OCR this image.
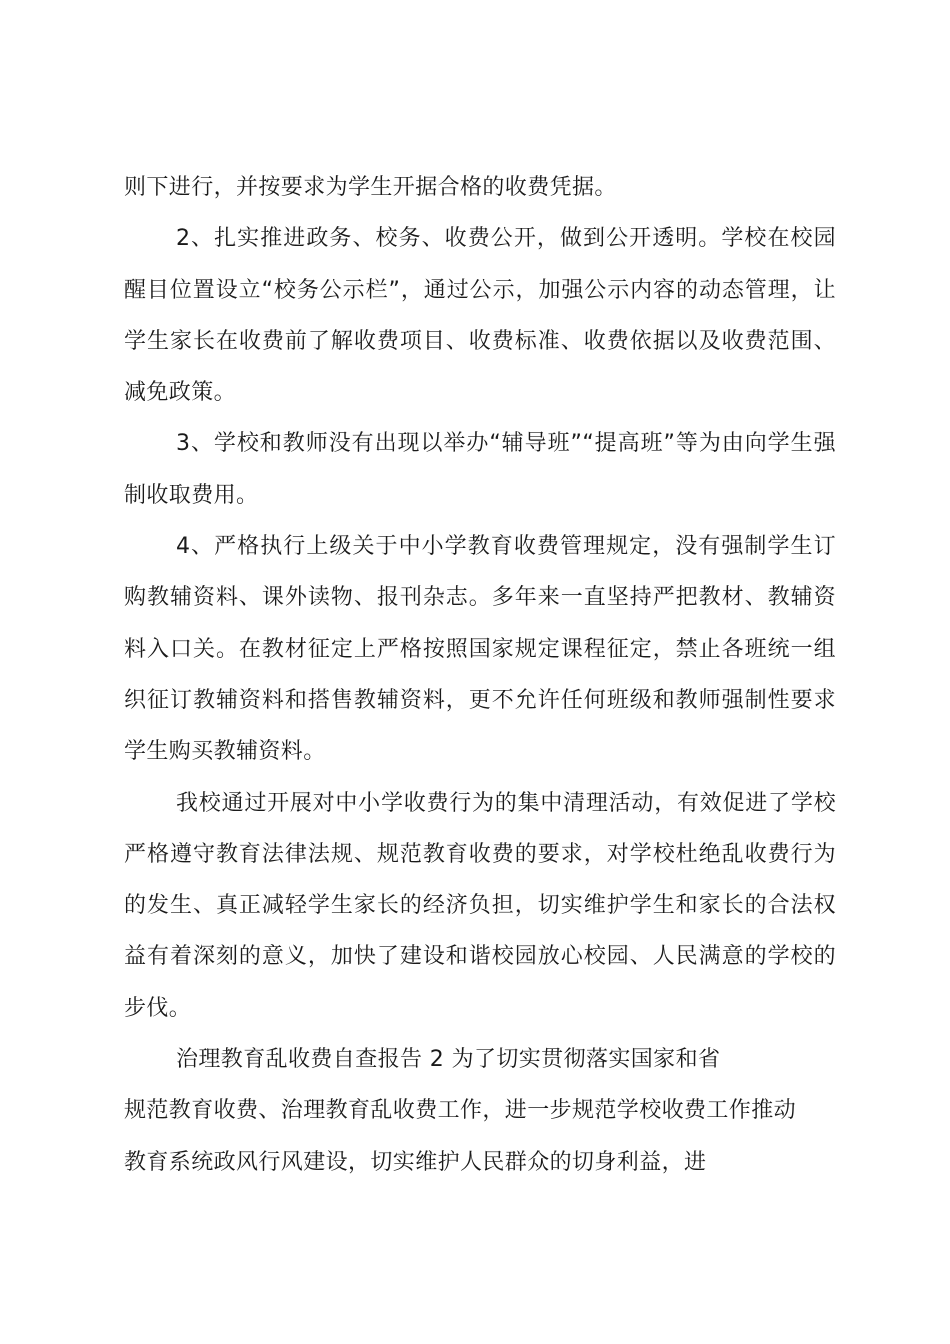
则下进行，并按要求为学生开据合格的收费凭据。

2、扎实推进政务、校务、收费公开，做到公开透明。学校在校园醒目位置设立“校务公示栏”，通过公示，加强公示内容的动态管理，让学生家长在收费前了解收费项目、收费标准、收费依据以及收费范围、减免政策。

3、学校和教师没有出现以举办“辅导班”“提高班”等为由向学生强制收取费用。

4、严格执行上级关于中小学教育收费管理规定，没有强制学生订购教辅资料、课外读物、报刊杂志。多年来一直坚持严把教材、教辅资料入口关。在教材征定上严格按照国家规定课程征定，禁止各班统一组织征订教辅资料和搭售教辅资料，更不允许任何班级和教师强制性要求学生购买教辅资料。

我校通过开展对中小学收费行为的集中清理活动，有效促进了学校严格遵守教育法律法规、规范教育收费的要求，对学校杜绝乱收费行为的发生、真正减轻学生家长的经济负担，切实维护学生和家长的合法权益有着深刻的意义，加快了建设和谐校园放心校园、人民满意的学校的步伐。

治理教育乱收费自查报告 2 为了切实贯彻落实国家和省
规范教育收费、治理教育乱收费工作，进一步规范学校收费工作推动
教育系统政风行风建设，切实维护人民群众的切身利益，进
